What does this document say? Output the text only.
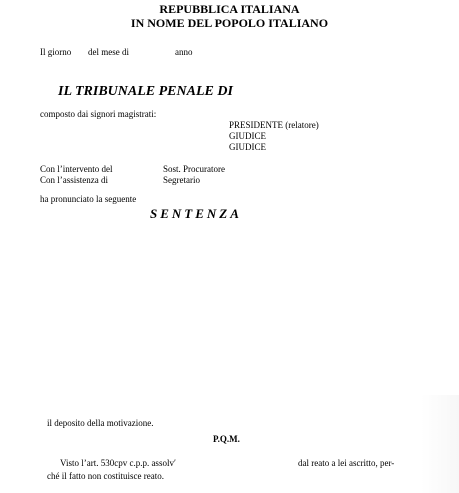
REPUBBLICA ITALIANA
IN NOME DEL POPOLO ITALIANO
Il giorno del mese di	anno
IL TRIBUNALE PENALE DI
composto dai signori magistrati:
PRESIDENTE (relatore)
GIUDICE
GIUDICE
Con l’intervento del	Sost. Procuratore
Con l’assistenza di	Segretario
ha pronunciato la seguente
SENTENZA
il deposito della motivazione.
P.Q.M.
Visto l’art. 530cpv c.p.p. assolv′	dal reato a lei ascritto, per-
ché il fatto non costituisce reato.
